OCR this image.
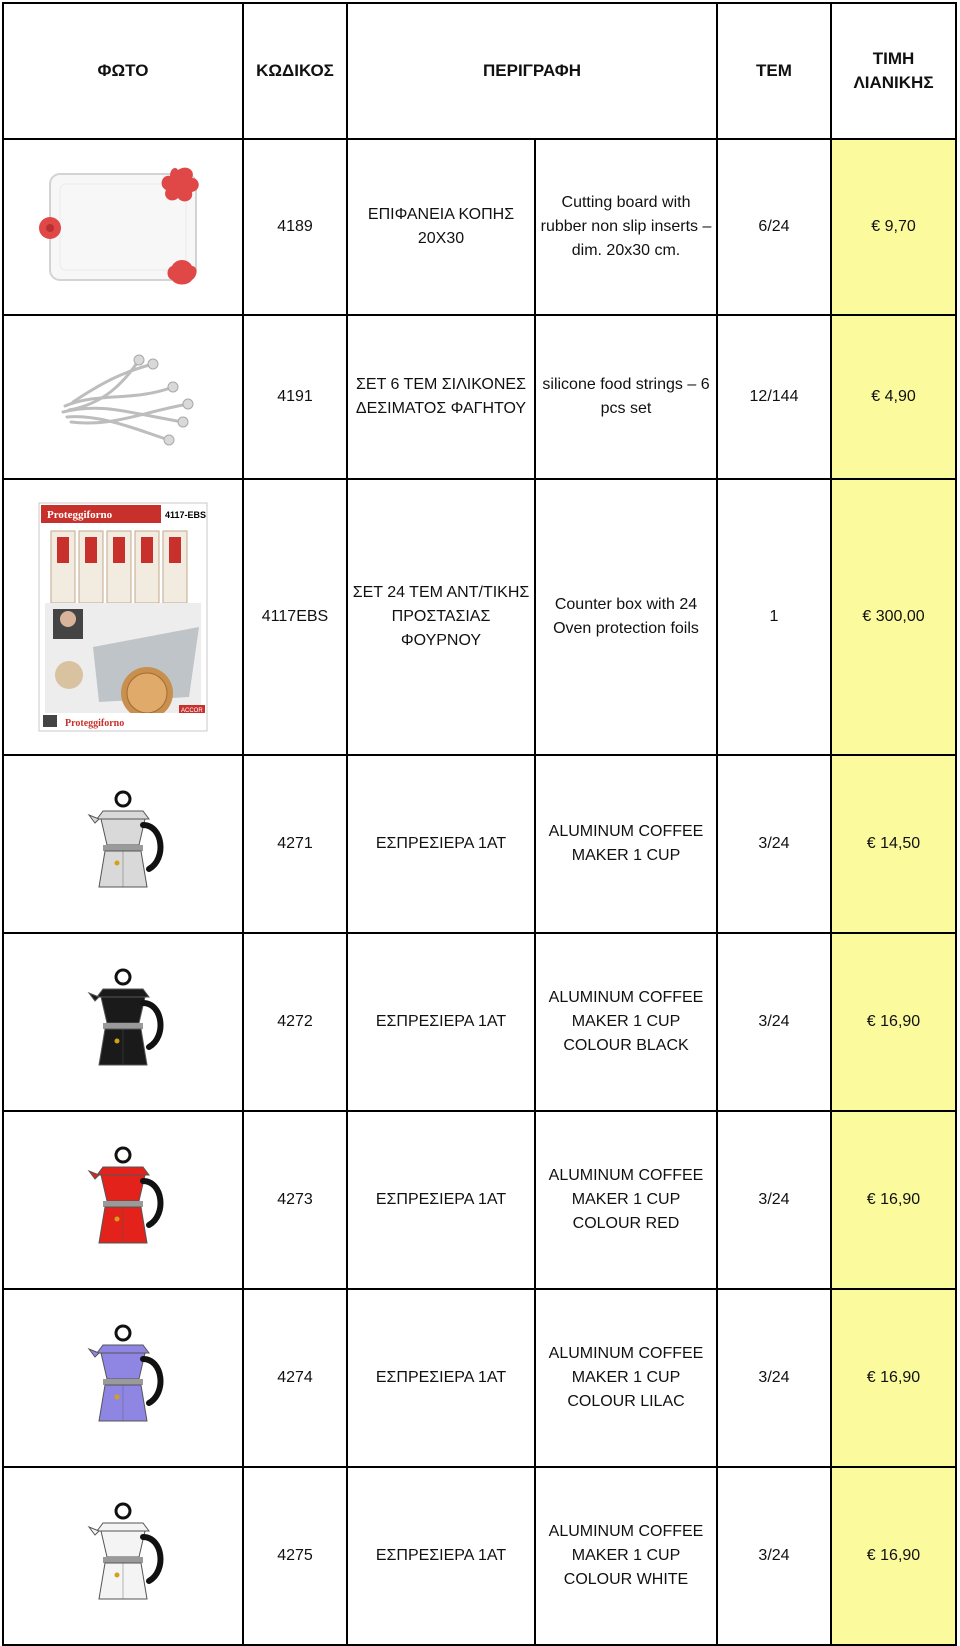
ΦΩΤΟ	ΚΩΔΙΚΟΣ	ΠΕΡΙΓΡΑΦΗ		ΤΕΜ	ΤΙΜΗ ΛΙΑΝΙΚΗΣ

	4189	ΕΠΙΦΑΝΕΙΑ ΚΟΠΗΣ 20Χ30	Cutting board with rubber non slip inserts – dim. 20x30 cm.	6/24	€ 9,70

	4191	ΣΕΤ 6 ΤΕΜ ΣΙΛΙΚΟΝΕΣ ΔΕΣΙΜΑΤΟΣ ΦΑΓΗΤΟΥ	silicone food strings – 6 pcs set	12/144	€ 4,90

Proteggiforno 4117-EBS
Proteggiforno
ACCOR	4117EBS	ΣΕΤ 24 ΤΕΜ ΑΝΤ/ΤΙΚΗΣ ΠΡΟΣΤΑΣΙΑΣ ΦΟΥΡΝΟΥ	Counter box with 24 Oven protection foils	1	€ 300,00

	4271	ΕΣΠΡΕΣΙΕΡΑ 1ΑΤ	ALUMINUM COFFEE MAKER 1 CUP	3/24	€ 14,50

	4272	ΕΣΠΡΕΣΙΕΡΑ 1ΑΤ	ALUMINUM COFFEE MAKER 1 CUP COLOUR BLACK	3/24	€ 16,90

	4273	ΕΣΠΡΕΣΙΕΡΑ 1ΑΤ	ALUMINUM COFFEE MAKER 1 CUP COLOUR RED	3/24	€ 16,90

	4274	ΕΣΠΡΕΣΙΕΡΑ 1ΑΤ	ALUMINUM COFFEE MAKER 1 CUP COLOUR LILAC	3/24	€ 16,90

	4275	ΕΣΠΡΕΣΙΕΡΑ 1ΑΤ	ALUMINUM COFFEE MAKER 1 CUP COLOUR WHITE	3/24	€ 16,90
